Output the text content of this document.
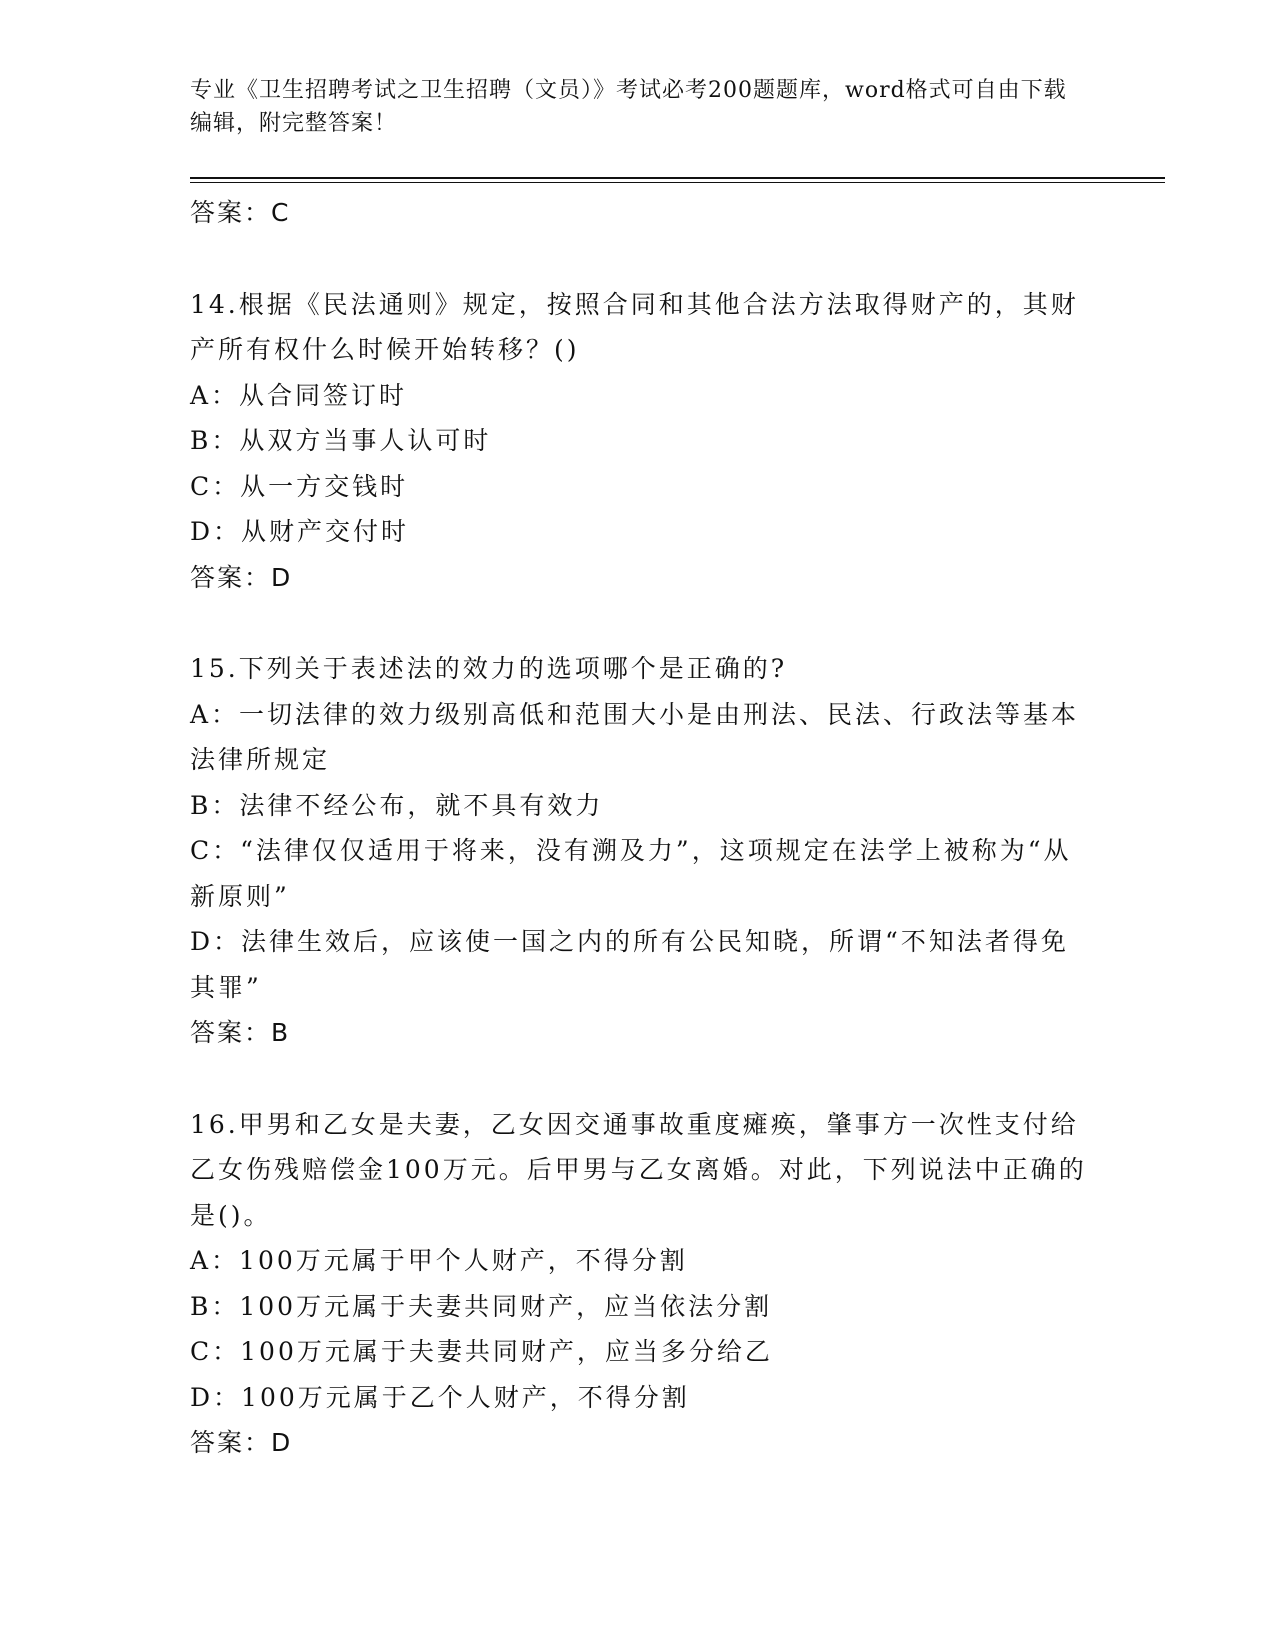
专业《卫生招聘考试之卫生招聘（文员）》考试必考200题题库，word格式可自由下载编辑，附完整答案！
答案：C

14.根据《民法通则》规定，按照合同和其他合法方法取得财产的，其财产所有权什么时候开始转移？()

A：从合同签订时

B：从双方当事人认可时

C：从一方交钱时

D：从财产交付时

答案：D

15.下列关于表述法的效力的选项哪个是正确的?

A：一切法律的效力级别高低和范围大小是由刑法、民法、行政法等基本法律所规定

B：法律不经公布，就不具有效力

C：“法律仅仅适用于将来，没有溯及力”，这项规定在法学上被称为“从新原则”

D：法律生效后，应该使一国之内的所有公民知晓，所谓“不知法者得免其罪”

答案：B

16.甲男和乙女是夫妻，乙女因交通事故重度瘫痪，肇事方一次性支付给乙女伤残赔偿金100万元。后甲男与乙女离婚。对此，下列说法中正确的是()。

A：100万元属于甲个人财产，不得分割

B：100万元属于夫妻共同财产，应当依法分割

C：100万元属于夫妻共同财产，应当多分给乙

D：100万元属于乙个人财产，不得分割

答案：D
